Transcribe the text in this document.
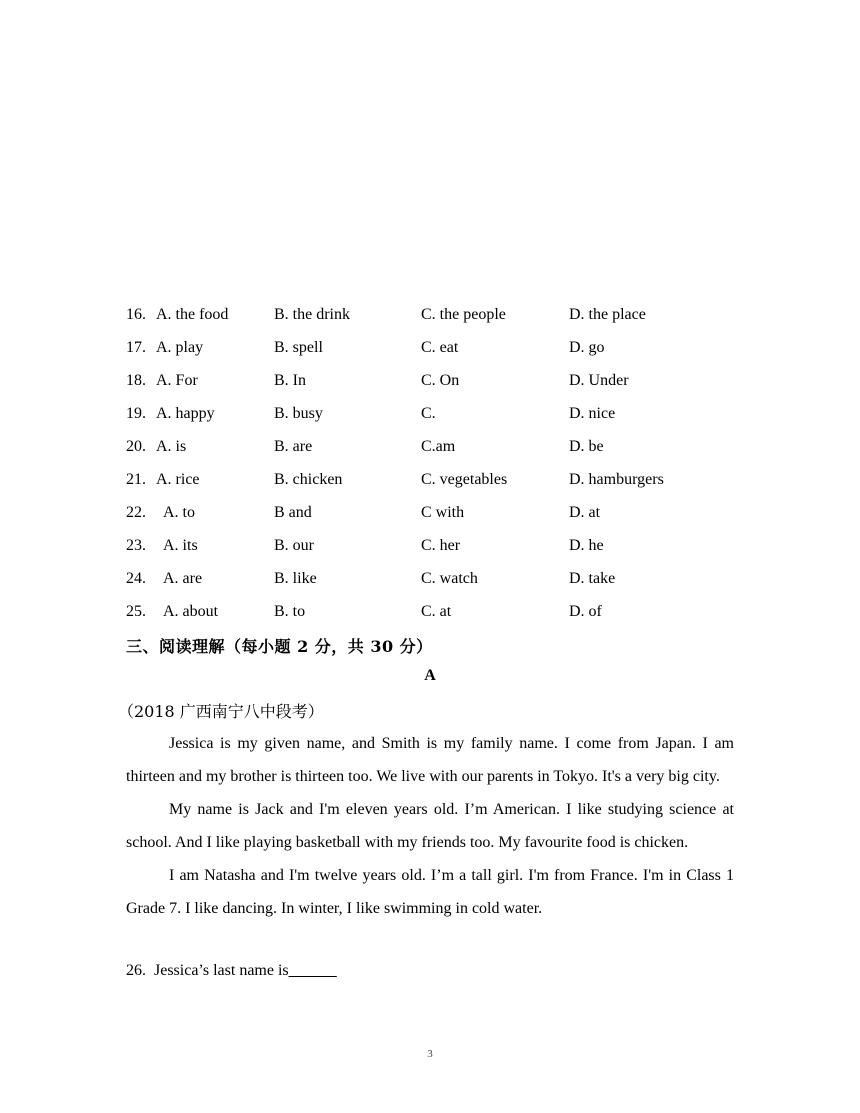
16. A. the food	B. the drink	C. the people	D. the place
17. A. play	B. spell	C. eat	D. go
18. A. For	B. In	C. On	D. Under
19. A. happy	B. busy	C.	D. nice
20. A. is	B. are	C.am	D. be
21. A. rice	B. chicken	C. vegetables	D. hamburgers
22. A. to	B and	C with	D. at
23. A. its	B. our	C. her	D. he
24. A. are	B. like	C. watch	D. take
25. A. about	B. to	C. at	D. of
三、阅读理解（每小题 2 分，共 30 分）
A
（2018 广西南宁八中段考）

Jessica is my given name, and Smith is my family name. I come from Japan. I am thirteen and my brother is thirteen too. We live with our parents in Tokyo. It's a very big city.

My name is Jack and I'm eleven years old. I’m American. I like studying science at school. And I like playing basketball with my friends too. My favourite food is chicken.

I am Natasha and I'm twelve years old. I’m a tall girl. I'm from France. I'm in Class 1 Grade 7. I like dancing. In winter, I like swimming in cold water.

26. Jessica’s last name is______
3
